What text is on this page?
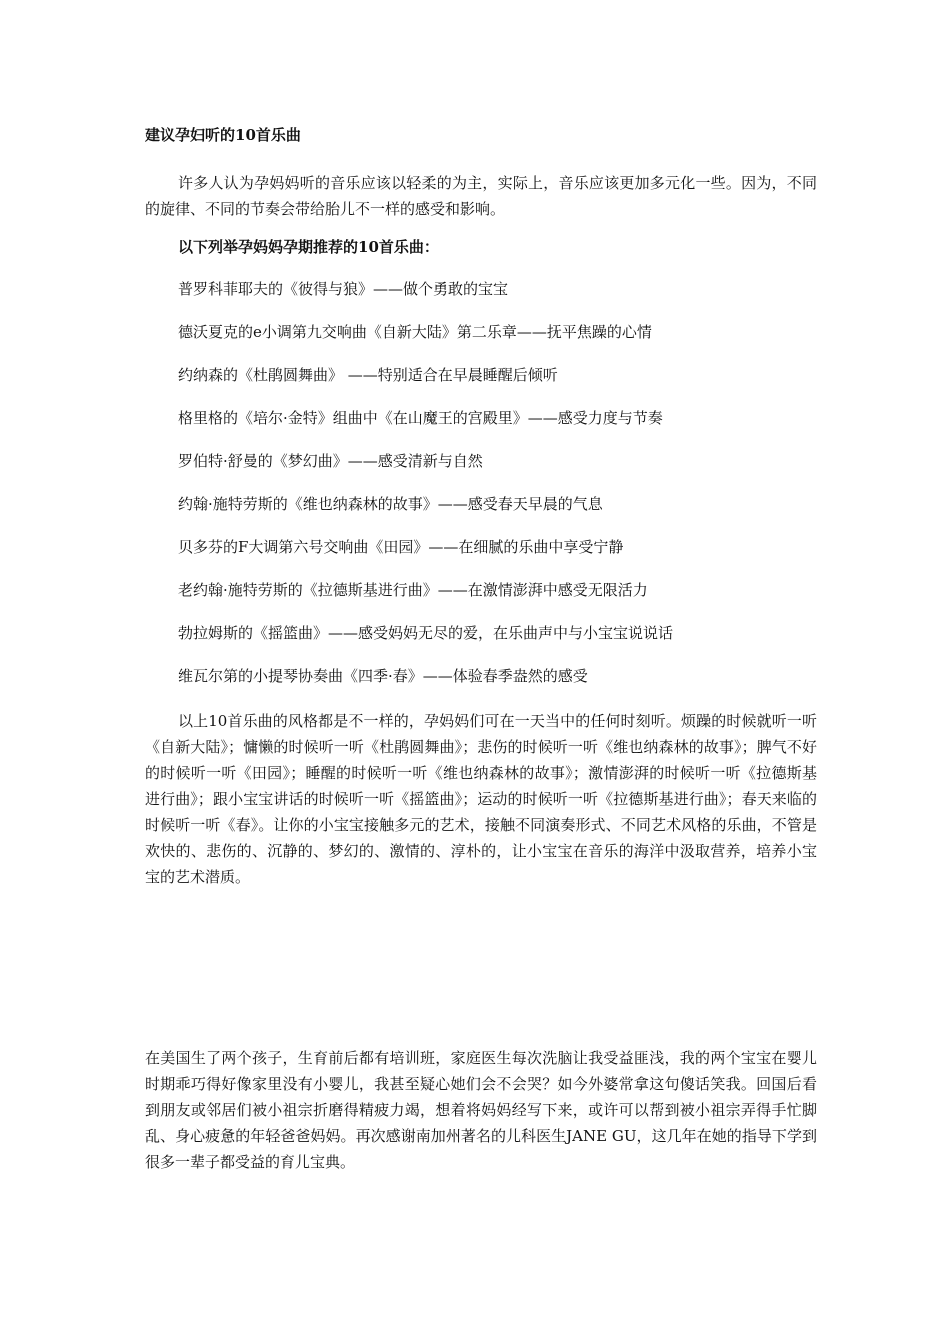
建议孕妇听的10首乐曲

许多人认为孕妈妈听的音乐应该以轻柔的为主，实际上，音乐应该更加多元化一些。因为，不同的旋律、不同的节奏会带给胎儿不一样的感受和影响。

以下列举孕妈妈孕期推荐的10首乐曲：
普罗科菲耶夫的《彼得与狼》——做个勇敢的宝宝
德沃夏克的e小调第九交响曲《自新大陆》第二乐章——抚平焦躁的心情
约纳森的《杜鹃圆舞曲》 ——特别适合在早晨睡醒后倾听
格里格的《培尔·金特》组曲中《在山魔王的宫殿里》——感受力度与节奏
罗伯特·舒曼的《梦幻曲》——感受清新与自然
约翰·施特劳斯的《维也纳森林的故事》——感受春天早晨的气息
贝多芬的F大调第六号交响曲《田园》——在细腻的乐曲中享受宁静
老约翰·施特劳斯的《拉德斯基进行曲》——在激情澎湃中感受无限活力
勃拉姆斯的《摇篮曲》——感受妈妈无尽的爱，在乐曲声中与小宝宝说说话
维瓦尔第的小提琴协奏曲《四季·春》——体验春季盎然的感受

以上10首乐曲的风格都是不一样的，孕妈妈们可在一天当中的任何时刻听。烦躁的时候就听一听《自新大陆》；慵懒的时候听一听《杜鹃圆舞曲》；悲伤的时候听一听《维也纳森林的故事》；脾气不好的时候听一听《田园》；睡醒的时候听一听《维也纳森林的故事》；激情澎湃的时候听一听《拉德斯基进行曲》；跟小宝宝讲话的时候听一听《摇篮曲》；运动的时候听一听《拉德斯基进行曲》；春天来临的时候听一听《春》。让你的小宝宝接触多元的艺术，接触不同演奏形式、不同艺术风格的乐曲，不管是欢快的、悲伤的、沉静的、梦幻的、激情的、淳朴的，让小宝宝在音乐的海洋中汲取营养，培养小宝宝的艺术潜质。

在美国生了两个孩子，生育前后都有培训班，家庭医生每次洗脑让我受益匪浅，我的两个宝宝在婴儿时期乖巧得好像家里没有小婴儿，我甚至疑心她们会不会哭？如今外婆常拿这句傻话笑我。回国后看到朋友或邻居们被小祖宗折磨得精疲力竭，想着将妈妈经写下来，或许可以帮到被小祖宗弄得手忙脚乱、身心疲惫的年轻爸爸妈妈。再次感谢南加州著名的儿科医生JANE GU，这几年在她的指导下学到很多一辈子都受益的育儿宝典。
